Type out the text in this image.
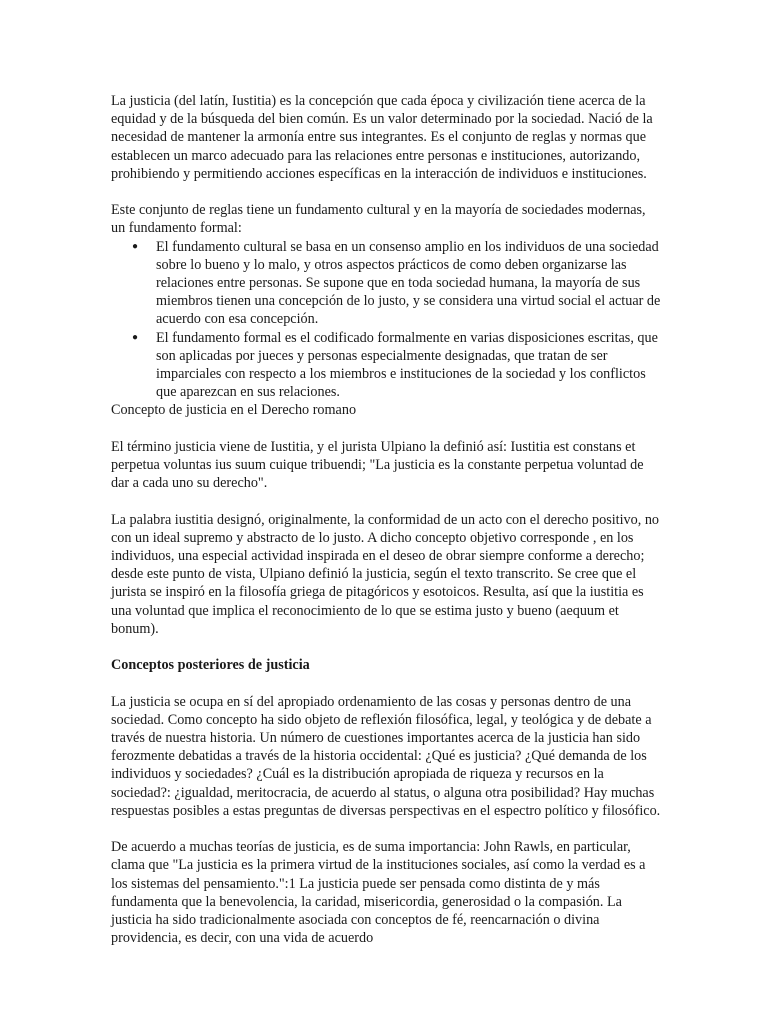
La justicia (del latín, Iustitia) es la concepción que cada época y civilización tiene acerca de la equidad y de la búsqueda del bien común. Es un valor determinado por la sociedad. Nació de la necesidad de mantener la armonía entre sus integrantes. Es el conjunto de reglas y normas que establecen un marco adecuado para las relaciones entre personas e instituciones, autorizando, prohibiendo y permitiendo acciones específicas en la interacción de individuos e instituciones.

Este conjunto de reglas tiene un fundamento cultural y en la mayoría de sociedades modernas, un fundamento formal:

● El fundamento cultural se basa en un consenso amplio en los individuos de una sociedad sobre lo bueno y lo malo, y otros aspectos prácticos de como deben organizarse las relaciones entre personas. Se supone que en toda sociedad humana, la mayoría de sus miembros tienen una concepción de lo justo, y se considera una virtud social el actuar de acuerdo con esa concepción.
● El fundamento formal es el codificado formalmente en varias disposiciones escritas, que son aplicadas por jueces y personas especialmente designadas, que tratan de ser imparciales con respecto a los miembros e instituciones de la sociedad y los conflictos que aparezcan en sus relaciones.

Concepto de justicia en el Derecho romano

El término justicia viene de Iustitia, y el jurista Ulpiano la definió así: Iustitia est constans et perpetua voluntas ius suum cuique tribuendi; "La justicia es la constante perpetua voluntad de dar a cada uno su derecho".

La palabra iustitia designó, originalmente, la conformidad de un acto con el derecho positivo, no con un ideal supremo y abstracto de lo justo. A dicho concepto objetivo corresponde , en los individuos, una especial actividad inspirada en el deseo de obrar siempre conforme a derecho; desde este punto de vista, Ulpiano definió la justicia, según el texto transcrito. Se cree que el jurista se inspiró en la filosofía griega de pitagóricos y esotoicos. Resulta, así que la iustitia es una voluntad que implica el reconocimiento de lo que se estima justo y bueno (aequum et bonum).

Conceptos posteriores de justicia

La justicia se ocupa en sí del apropiado ordenamiento de las cosas y personas dentro de una sociedad. Como concepto ha sido objeto de reflexión filosófica, legal, y teológica y de debate a través de nuestra historia. Un número de cuestiones importantes acerca de la justicia han sido ferozmente debatidas a través de la historia occidental: ¿Qué es justicia? ¿Qué demanda de los individuos y sociedades? ¿Cuál es la distribución apropiada de riqueza y recursos en la sociedad?: ¿igualdad, meritocracia, de acuerdo al status, o alguna otra posibilidad? Hay muchas respuestas posibles a estas preguntas de diversas perspectivas en el espectro político y filosófico.

De acuerdo a muchas teorías de justicia, es de suma importancia: John Rawls, en particular, clama que "La justicia es la primera virtud de la instituciones sociales, así como la verdad es a los sistemas del pensamiento.":1 La justicia puede ser pensada como distinta de y más fundamenta que la benevolencia, la caridad, misericordia, generosidad o la compasión. La justicia ha sido tradicionalmente asociada con conceptos de fé, reencarnación o divina providencia, es decir, con una vida de acuerdo
